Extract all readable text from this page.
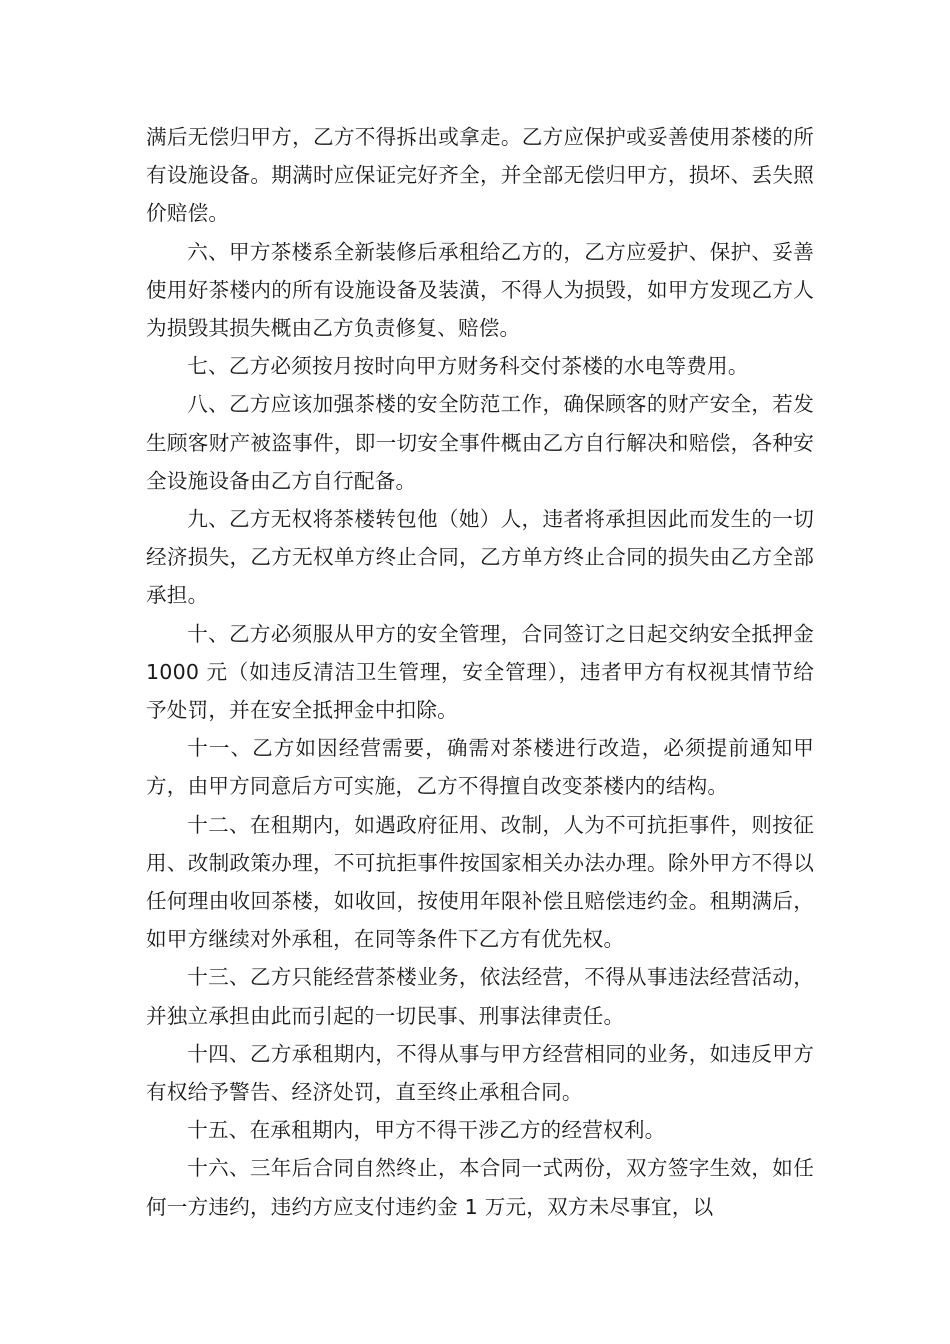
满后无偿归甲方，乙方不得拆出或拿走。乙方应保护或妥善使用茶楼的所有设施设备。期满时应保证完好齐全，并全部无偿归甲方，损坏、丢失照价赔偿。

六、甲方茶楼系全新装修后承租给乙方的，乙方应爱护、保护、妥善使用好茶楼内的所有设施设备及装潢，不得人为损毁，如甲方发现乙方人为损毁其损失概由乙方负责修复、赔偿。

七、乙方必须按月按时向甲方财务科交付茶楼的水电等费用。

八、乙方应该加强茶楼的安全防范工作，确保顾客的财产安全，若发生顾客财产被盗事件，即一切安全事件概由乙方自行解决和赔偿，各种安全设施设备由乙方自行配备。

九、乙方无权将茶楼转包他（她）人，违者将承担因此而发生的一切经济损失，乙方无权单方终止合同，乙方单方终止合同的损失由乙方全部承担。

十、乙方必须服从甲方的安全管理，合同签订之日起交纳安全抵押金 1000 元（如违反清洁卫生管理，安全管理），违者甲方有权视其情节给予处罚，并在安全抵押金中扣除。

十一、乙方如因经营需要，确需对茶楼进行改造，必须提前通知甲方，由甲方同意后方可实施，乙方不得擅自改变茶楼内的结构。

十二、在租期内，如遇政府征用、改制，人为不可抗拒事件，则按征用、改制政策办理，不可抗拒事件按国家相关办法办理。除外甲方不得以任何理由收回茶楼，如收回，按使用年限补偿且赔偿违约金。租期满后，如甲方继续对外承租，在同等条件下乙方有优先权。

十三、乙方只能经营茶楼业务，依法经营，不得从事违法经营活动，并独立承担由此而引起的一切民事、刑事法律责任。

十四、乙方承租期内，不得从事与甲方经营相同的业务，如违反甲方有权给予警告、经济处罚，直至终止承租合同。

十五、在承租期内，甲方不得干涉乙方的经营权利。

十六、三年后合同自然终止，本合同一式两份，双方签字生效，如任何一方违约，违约方应支付违约金 1 万元，双方未尽事宜，以
